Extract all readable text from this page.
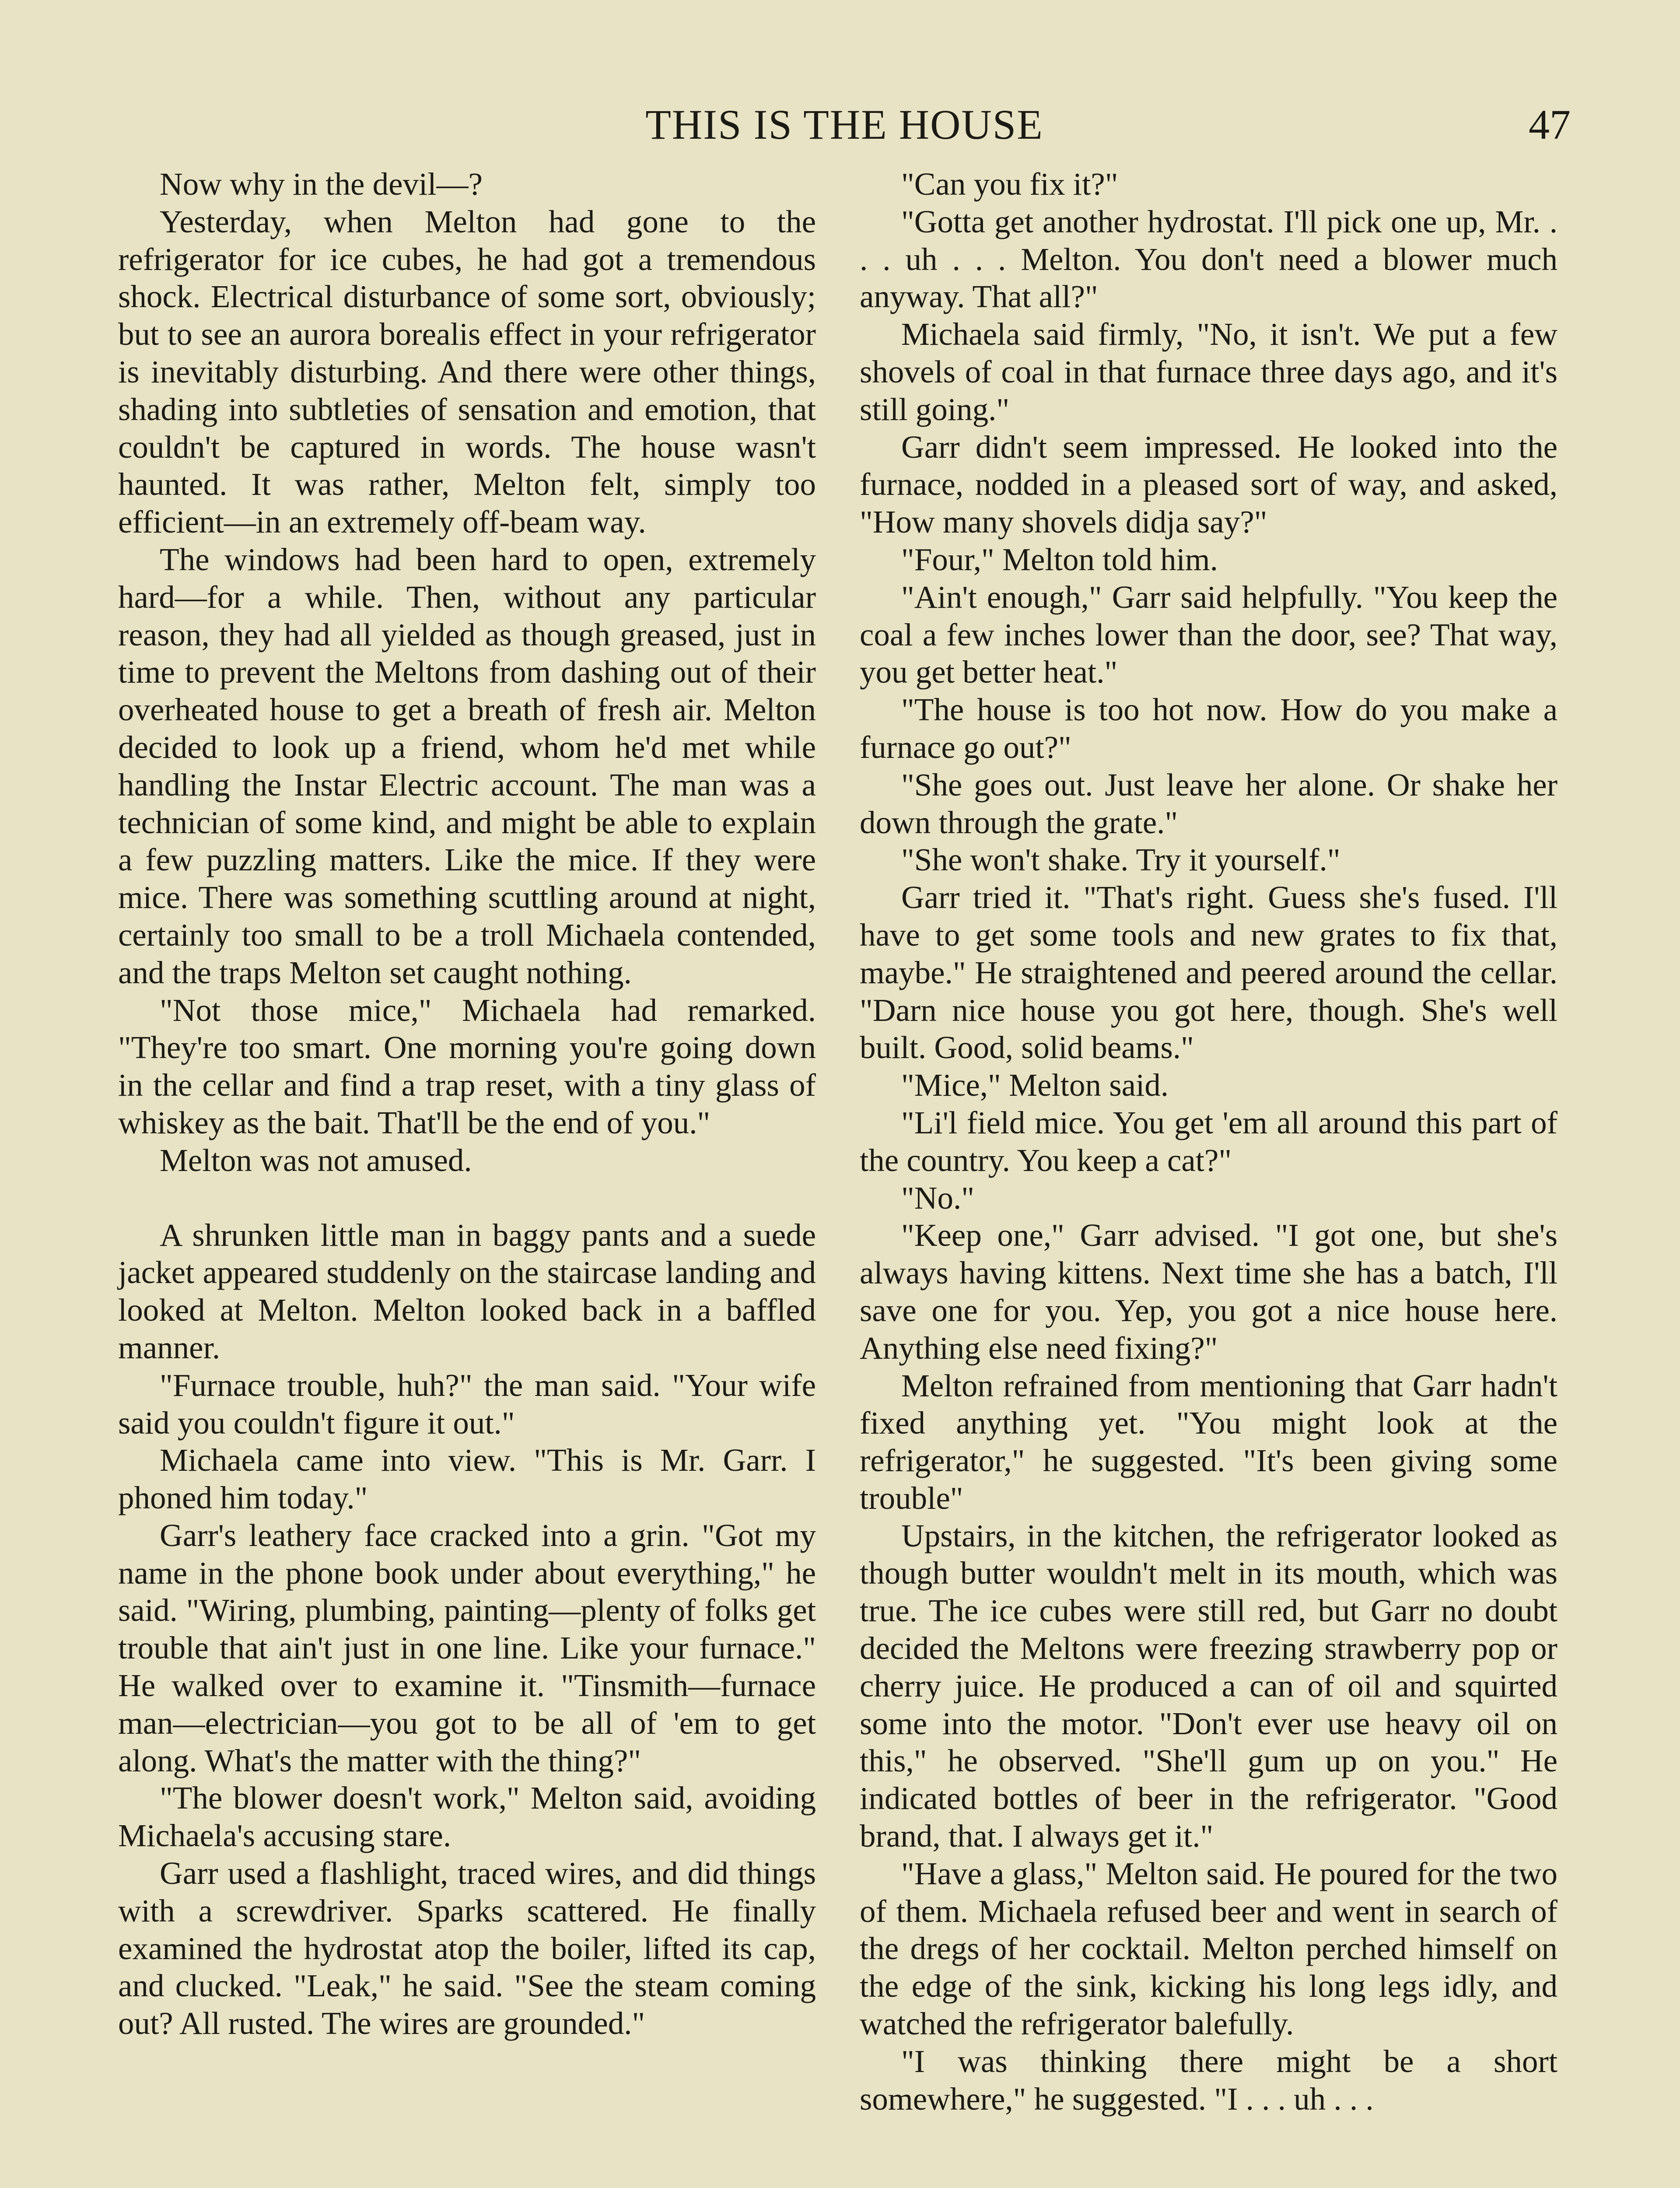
THIS IS THE HOUSE	47

Now why in the devil—?

Yesterday, when Melton had gone to the refrigerator for ice cubes, he had got a tremendous shock. Electrical disturbance of some sort, obviously; but to see an aurora borealis effect in your refrigerator is inevitably disturbing. And there were other things, shading into subtleties of sensation and emotion, that couldn't be captured in words. The house wasn't haunted. It was rather, Melton felt, simply too efficient—in an extremely off-beam way.

The windows had been hard to open, extremely hard—for a while. Then, without any particular reason, they had all yielded as though greased, just in time to prevent the Meltons from dashing out of their overheated house to get a breath of fresh air. Melton decided to look up a friend, whom he'd met while handling the Instar Electric account. The man was a technician of some kind, and might be able to explain a few puzzling matters. Like the mice. If they were mice. There was something scuttling around at night, certainly too small to be a troll Michaela contended, and the traps Melton set caught nothing.

"Not those mice," Michaela had remarked. "They're too smart. One morning you're going down in the cellar and find a trap reset, with a tiny glass of whiskey as the bait. That'll be the end of you."

Melton was not amused.

A shrunken little man in baggy pants and a suede jacket appeared studdenly on the staircase landing and looked at Melton. Melton looked back in a baffled manner.

"Furnace trouble, huh?" the man said. "Your wife said you couldn't figure it out."

Michaela came into view. "This is Mr. Garr. I phoned him today."

Garr's leathery face cracked into a grin. "Got my name in the phone book under about everything," he said. "Wiring, plumbing, painting—plenty of folks get trouble that ain't just in one line. Like your furnace." He walked over to examine it. "Tinsmith—furnace man—electrician—you got to be all of 'em to get along. What's the matter with the thing?"

"The blower doesn't work," Melton said, avoiding Michaela's accusing stare.

Garr used a flashlight, traced wires, and did things with a screwdriver. Sparks scattered. He finally examined the hydrostat atop the boiler, lifted its cap, and clucked. "Leak," he said. "See the steam coming out? All rusted. The wires are grounded."

"Can you fix it?"

"Gotta get another hydrostat. I'll pick one up, Mr. . . . uh . . . Melton. You don't need a blower much anyway. That all?"

Michaela said firmly, "No, it isn't. We put a few shovels of coal in that furnace three days ago, and it's still going."

Garr didn't seem impressed. He looked into the furnace, nodded in a pleased sort of way, and asked, "How many shovels didja say?"

"Four," Melton told him.

"Ain't enough," Garr said helpfully. "You keep the coal a few inches lower than the door, see? That way, you get better heat."

"The house is too hot now. How do you make a furnace go out?"

"She goes out. Just leave her alone. Or shake her down through the grate."

"She won't shake. Try it yourself."

Garr tried it. "That's right. Guess she's fused. I'll have to get some tools and new grates to fix that, maybe." He straightened and peered around the cellar. "Darn nice house you got here, though. She's well built. Good, solid beams."

"Mice," Melton said.

"Li'l field mice. You get 'em all around this part of the country. You keep a cat?"

"No."

"Keep one," Garr advised. "I got one, but she's always having kittens. Next time she has a batch, I'll save one for you. Yep, you got a nice house here. Anything else need fixing?"

Melton refrained from mentioning that Garr hadn't fixed anything yet. "You might look at the refrigerator," he suggested. "It's been giving some trouble"

Upstairs, in the kitchen, the refrigerator looked as though butter wouldn't melt in its mouth, which was true. The ice cubes were still red, but Garr no doubt decided the Meltons were freezing strawberry pop or cherry juice. He produced a can of oil and squirted some into the motor. "Don't ever use heavy oil on this," he observed. "She'll gum up on you." He indicated bottles of beer in the refrigerator. "Good brand, that. I always get it."

"Have a glass," Melton said. He poured for the two of them. Michaela refused beer and went in search of the dregs of her cocktail. Melton perched himself on the edge of the sink, kicking his long legs idly, and watched the refrigerator balefully.

"I was thinking there might be a short somewhere," he suggested. "I . . . uh . . .
